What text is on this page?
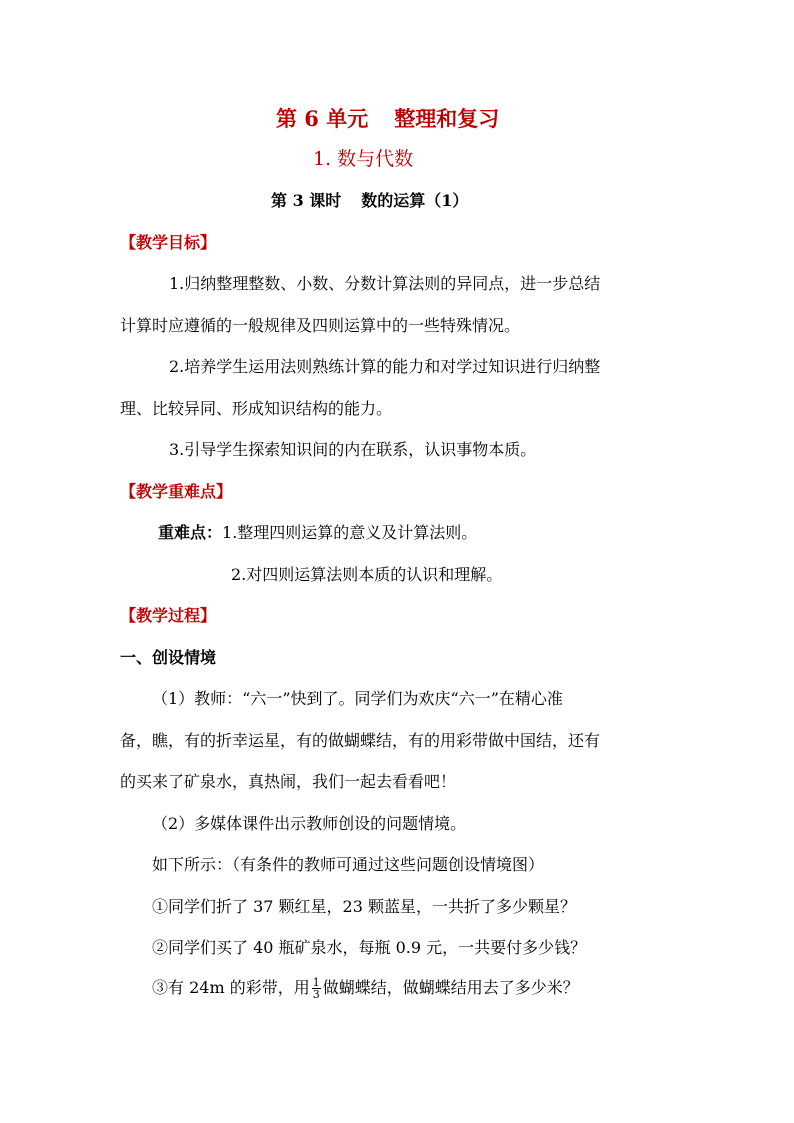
第 6 单元 整理和复习
1. 数与代数
第 3 课时 数的运算（1）
【教学目标】
1.归纳整理整数、小数、分数计算法则的异同点，进一步总结
计算时应遵循的一般规律及四则运算中的一些特殊情况。
2.培养学生运用法则熟练计算的能力和对学过知识进行归纳整
理、比较异同、形成知识结构的能力。
3.引导学生探索知识间的内在联系，认识事物本质。
【教学重难点】
重难点：1.整理四则运算的意义及计算法则。
2.对四则运算法则本质的认识和理解。
【教学过程】
一、创设情境
（1）教师：“六一”快到了。同学们为欢庆“六一”在精心准
备，瞧，有的折幸运星，有的做蝴蝶结，有的用彩带做中国结，还有
的买来了矿泉水，真热闹，我们一起去看看吧！
（2）多媒体课件出示教师创设的问题情境。
如下所示：（有条件的教师可通过这些问题创设情境图）
①同学们折了 37 颗红星，23 颗蓝星，一共折了多少颗星？
②同学们买了 40 瓶矿泉水，每瓶 0.9 元，一共要付多少钱？
③有 24m 的彩带，用 $\frac{1}{3}$ 做蝴蝶结，做蝴蝶结用去了多少米？
